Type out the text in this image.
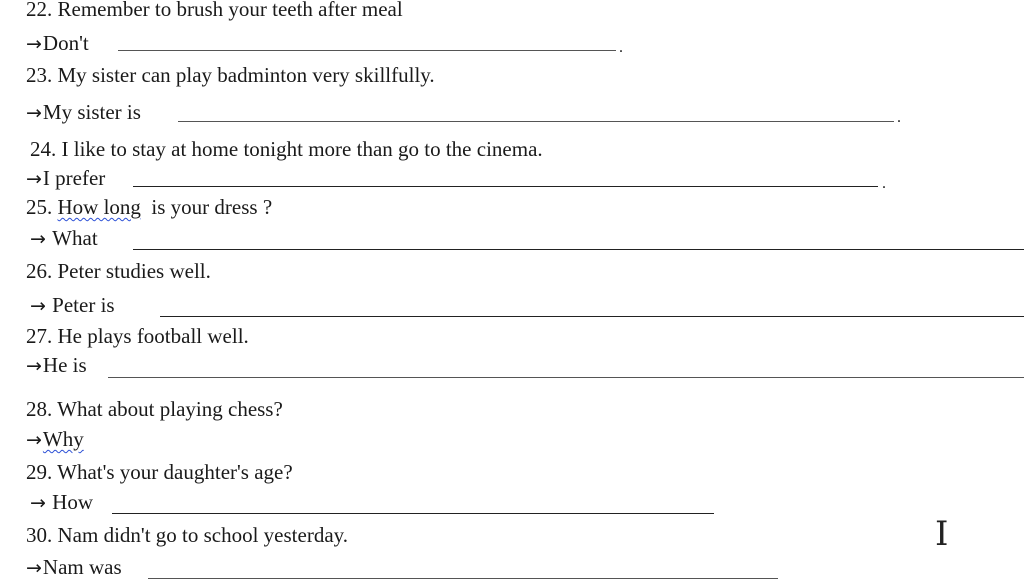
22. Remember to brush your teeth after meal
→Don't	.
23. My sister can play badminton very skillfully.
→My sister is	.
24. I like to stay at home tonight more than go to the cinema.
→I prefer	.
25. How long is your dress ?
→ What
26. Peter studies well.
→ Peter is
27. He plays football well.
→He is
28. What about playing chess?
→Why
29. What's your daughter's age?
→ How
30. Nam didn't go to school yesterday.
→Nam was
I
